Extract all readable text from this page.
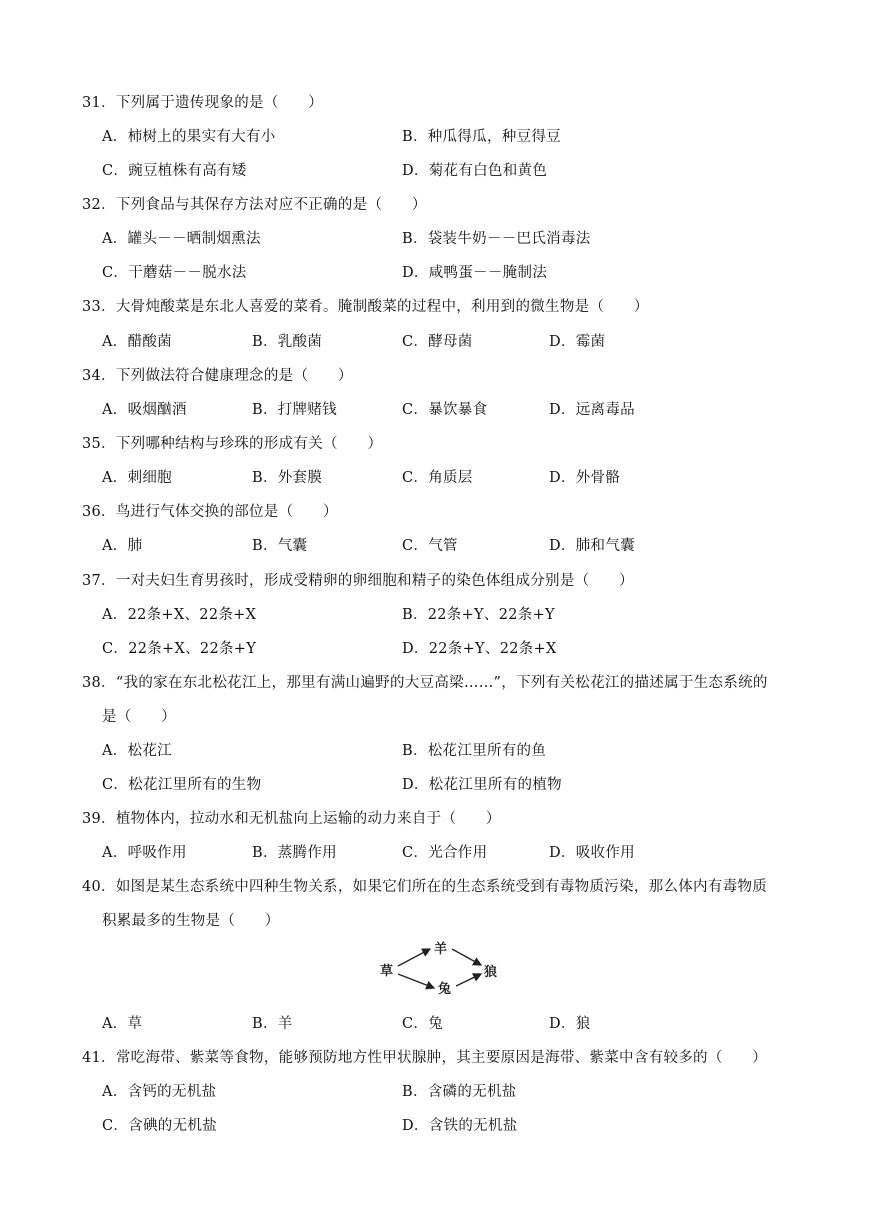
31．下列属于遗传现象的是（　　）
A．柿树上的果实有大有小	B．种瓜得瓜，种豆得豆
C．豌豆植株有高有矮	D．菊花有白色和黄色
32．下列食品与其保存方法对应不正确的是（　　）
A．罐头－－晒制烟熏法	B．袋装牛奶－－巴氏消毒法
C．干蘑菇－－脱水法	D．咸鸭蛋－－腌制法
33．大骨炖酸菜是东北人喜爱的菜肴。腌制酸菜的过程中，利用到的微生物是（　　）
A．醋酸菌	B．乳酸菌	C．酵母菌	D．霉菌
34．下列做法符合健康理念的是（　　）
A．吸烟酗酒	B．打牌赌钱	C．暴饮暴食	D．远离毒品
35．下列哪种结构与珍珠的形成有关（　　）
A．刺细胞	B．外套膜	C．角质层	D．外骨骼
36．鸟进行气体交换的部位是（　　）
A．肺	B．气囊	C．气管	D．肺和气囊
37．一对夫妇生育男孩时，形成受精卵的卵细胞和精子的染色体组成分别是（　　）
A．22条+X、22条+X	B．22条+Y、22条+Y
C．22条+X、22条+Y	D．22条+Y、22条+X
38．“我的家在东北松花江上，那里有满山遍野的大豆高梁……”，下列有关松花江的描述属于生态系统的
是（　　）
A．松花江	B．松花江里所有的鱼
C．松花江里所有的生物	D．松花江里所有的植物
39．植物体内，拉动水和无机盐向上运输的动力来自于（　　）
A．呼吸作用	B．蒸腾作用	C．光合作用	D．吸收作用
40．如图是某生态系统中四种生物关系，如果它们所在的生态系统受到有毒物质污染，那么体内有毒物质
积累最多的生物是（　　）
草
羊
兔
狼
A．草	B．羊	C．兔	D．狼
41．常吃海带、紫菜等食物，能够预防地方性甲状腺肿，其主要原因是海带、紫菜中含有较多的（　　）
A．含钙的无机盐	B．含磷的无机盐
C．含碘的无机盐	D．含铁的无机盐
